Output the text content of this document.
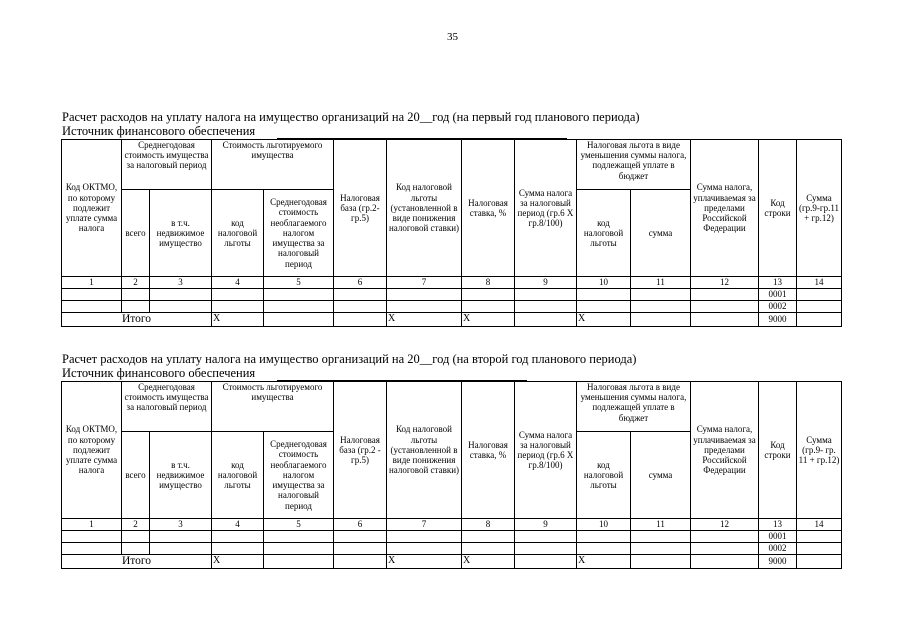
35
Расчет расходов на уплату налога на имущество организаций на 20__год (на первый год планового периода)
Источник финансового обеспечения
Код ОКТМО, по которому подлежит уплате сумма налога	Среднегодовая стоимость имущества за налоговый период		Стоимость льготируемого имущества		Налоговая база (гр.2-гр.5)	Код налоговой льготы (установленной в виде понижения налоговой ставки)	Налоговая ставка, %	Сумма налога за налоговый период (гр.6 X гр.8/100)	Налоговая льгота в виде уменьшения суммы налога, подлежащей уплате в бюджет		Сумма налога, уплачиваемая за пределами Российской Федерации	Код строки	Сумма (гр.9-гр.11 + гр.12)
	всего	в т.ч. недвижимое имущество	код налоговой льготы	Среднегодовая стоимость необлагаемого налогом имущества за налоговый период					код налоговой льготы	сумма			
1	2	3	4	5	6	7	8	9	10	11	12	13	14
												0001	
												0002	
Итого			X			X	X		X			9000	
Расчет расходов на уплату налога на имущество организаций на 20__год (на второй год планового периода)
Источник финансового обеспечения
Код ОКТМО, по которому подлежит уплате сумма налога	Среднегодовая стоимость имущества за налоговый период		Стоимость льготируемого имущества		Налоговая база (гр.2 - гр.5)	Код налоговой льготы (установленной в виде понижения налоговой ставки)	Налоговая ставка, %	Сумма налога за налоговый период (гр.6 X гр.8/100)	Налоговая льгота в виде уменьшения суммы налога, подлежащей уплате в бюджет		Сумма налога, уплачиваемая за пределами Российской Федерации	Код строки	Сумма (гр.9- гр. 11 + гр.12)
	всего	в т.ч. недвижимое имущество	код налоговой льготы	Среднегодовая стоимость необлагаемого налогом имущества за налоговый период					код налоговой льготы	сумма			
1	2	3	4	5	6	7	8	9	10	11	12	13	14
												0001	
												0002	
Итого			X			X	X		X			9000	
